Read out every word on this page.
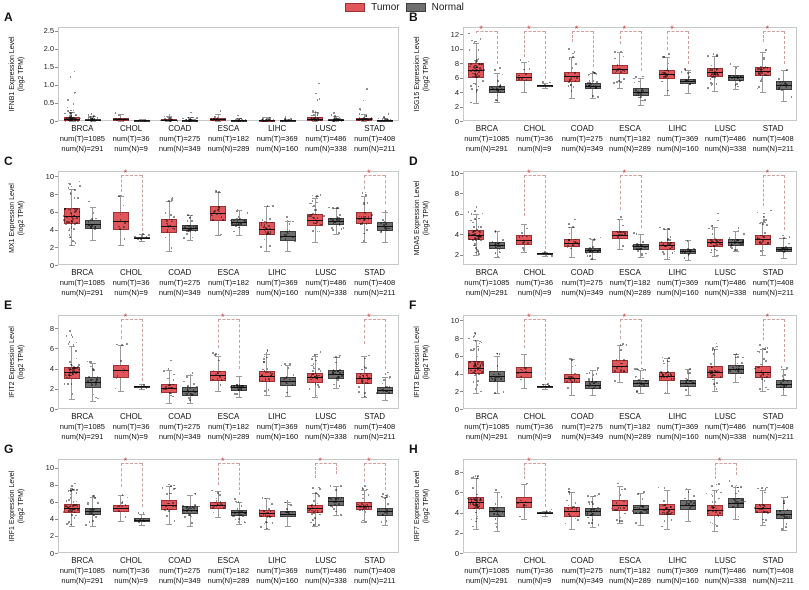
Tumor	Normal
A
IFNB1 Expression Level (log2 TPM)
0
0.5
1.0
1.5
2.0
2.5
BRCA
num(T)=1085
num(N)=291
CHOL
num(T)=36
num(N)=9
COAD
num(T)=275
num(N)=349
ESCA
num(T)=182
num(N)=289
LIHC
num(T)=369
num(N)=160
LUSC
num(T)=486
num(N)=338
STAD
num(T)=408
num(N)=211
B
ISG15 Expression Level (log2 TPM)
0
2
4
6
8
10
12
*
BRCA
num(T)=1085
num(N)=291
*
CHOL
num(T)=36
num(N)=9
*
COAD
num(T)=275
num(N)=349
*
ESCA
num(T)=182
num(N)=289
*
LIHC
num(T)=369
num(N)=160
LUSC
num(T)=486
num(N)=338
*
STAD
num(T)=408
num(N)=211
C
MX1 Expression Level (log2 TPM)
0
2
4
6
8
10
BRCA
num(T)=1085
num(N)=291
*
CHOL
num(T)=36
num(N)=9
COAD
num(T)=275
num(N)=349
ESCA
num(T)=182
num(N)=289
LIHC
num(T)=369
num(N)=160
LUSC
num(T)=486
num(N)=338
*
STAD
num(T)=408
num(N)=211
D
MDA5 Expression Level (log2 TPM)
2
4
6
8
10
BRCA
num(T)=1085
num(N)=291
*
CHOL
num(T)=36
num(N)=9
COAD
num(T)=275
num(N)=349
*
ESCA
num(T)=182
num(N)=289
LIHC
num(T)=369
num(N)=160
LUSC
num(T)=486
num(N)=338
*
STAD
num(T)=408
num(N)=211
E
IFIT2 Expression Level (log2 TPM)
0
2
4
6
8
BRCA
num(T)=1085
num(N)=291
*
CHOL
num(T)=36
num(N)=9
COAD
num(T)=275
num(N)=349
*
ESCA
num(T)=182
num(N)=289
LIHC
num(T)=369
num(N)=160
LUSC
num(T)=486
num(N)=338
*
STAD
num(T)=408
num(N)=211
F
IFIT3 Expression Level (log2 TPM)
0
2
4
6
8
10
BRCA
num(T)=1085
num(N)=291
*
CHOL
num(T)=36
num(N)=9
COAD
num(T)=275
num(N)=349
*
ESCA
num(T)=182
num(N)=289
LIHC
num(T)=369
num(N)=160
LUSC
num(T)=486
num(N)=338
*
STAD
num(T)=408
num(N)=211
G
IRF1 Expression Level (log2 TPM)
0
2
4
6
8
10
BRCA
num(T)=1085
num(N)=291
*
CHOL
num(T)=36
num(N)=9
COAD
num(T)=275
num(N)=349
*
ESCA
num(T)=182
num(N)=289
LIHC
num(T)=369
num(N)=160
*
LUSC
num(T)=486
num(N)=338
*
STAD
num(T)=408
num(N)=211
H
IRF7 Expression Level (log2 TPM)
0
2
4
6
8
BRCA
num(T)=1085
num(N)=291
*
CHOL
num(T)=36
num(N)=9
COAD
num(T)=275
num(N)=349
ESCA
num(T)=182
num(N)=289
LIHC
num(T)=369
num(N)=160
*
LUSC
num(T)=486
num(N)=338
STAD
num(T)=408
num(N)=211
